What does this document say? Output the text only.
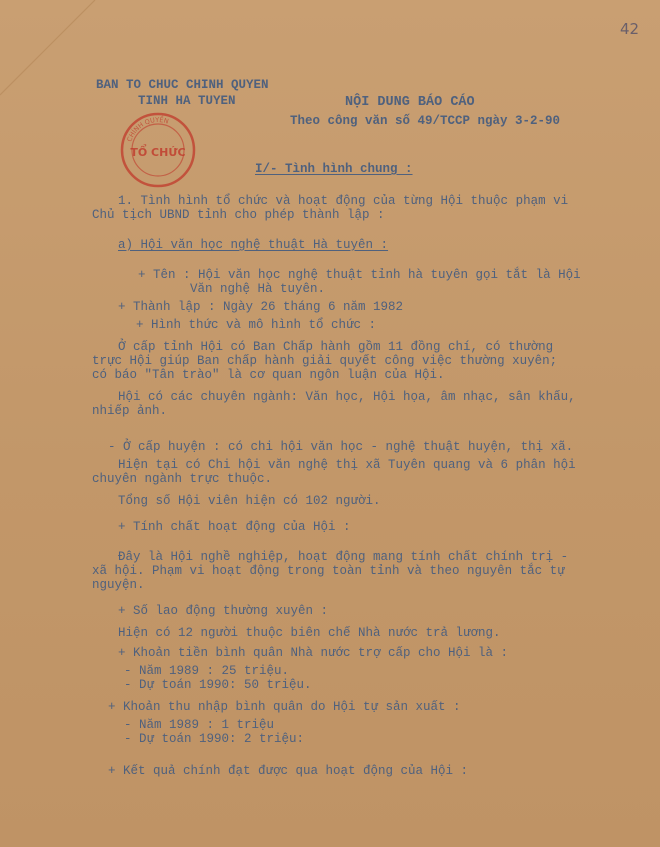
42
BAN TO CHUC CHINH QUYEN
TINH HA TUYEN	NỘI DUNG BÁO CÁO
Theo công văn số 49/TCCP ngày 3-2-90
CHÍNH QUYỀN
TỔ CHỨC
I/- Tình hình chung :
1. Tình hình tổ chức và hoạt động của từng Hội thuộc phạm vi
Chủ tịch UBND tỉnh cho phép thành lập :
a) Hội văn học nghệ thuật Hà tuyên :
+ Tên : Hội văn học nghệ thuật tỉnh hà tuyên gọi tắt là Hội
Văn nghệ Hà tuyên.
+ Thành lập : Ngày 26 tháng 6 năm 1982
+ Hình thức và mô hình tổ chức :
Ở cấp tỉnh Hội có Ban Chấp hành gồm 11 đồng chí, có thường
trực Hội giúp Ban chấp hành giải quyết công việc thường xuyên;
có báo "Tân trào" là cơ quan ngôn luận của Hội.
Hội có các chuyên ngành: Văn học, Hội họa, âm nhạc, sân khấu,
nhiếp ảnh.
- Ở cấp huyện : có chi hội văn học - nghệ thuật huyện, thị xã.
Hiện tại có Chi hội văn nghệ thị xã Tuyên quang và 6 phân hội
chuyên ngành trực thuộc.
Tổng số Hội viên hiện có 102 người.
+ Tính chất hoạt động của Hội :
Đây là Hội nghề nghiệp, hoạt động mang tính chất chính trị -
xã hội. Phạm vi hoạt động trong toàn tỉnh và theo nguyên tắc tự
nguyện.
+ Số lao động thường xuyên :
Hiện có 12 người thuộc biên chế Nhà nước trả lương.
+ Khoản tiền bình quân Nhà nước trợ cấp cho Hội là :
- Năm 1989 : 25 triệu.
- Dự toán 1990: 50 triệu.
+ Khoản thu nhập bình quân do Hội tự sản xuất :
- Năm 1989 : 1 triệu
- Dự toán 1990: 2 triệu:
+ Kết quả chính đạt được qua hoạt động của Hội :
